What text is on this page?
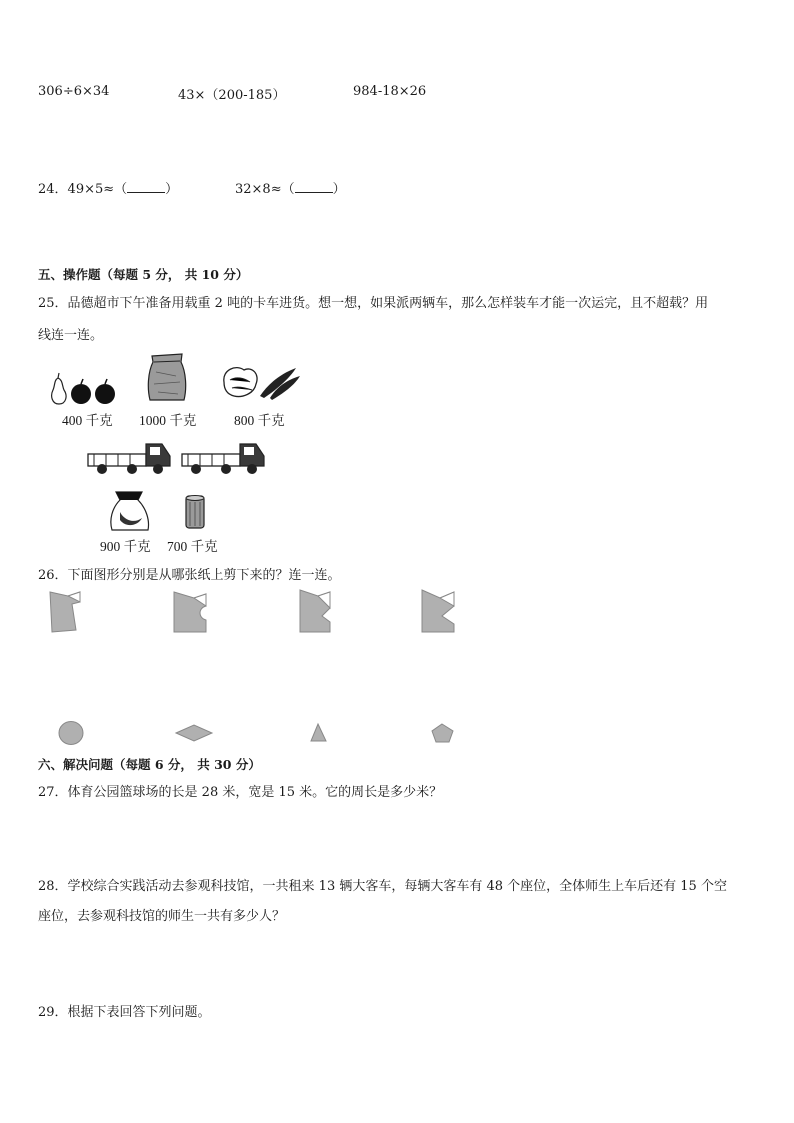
306÷6×34	43×（200-185）	984-18×26
24．49×5≈（	）	32×8≈（	）
五、操作题（每题 5 分， 共 10 分）
25．品德超市下午准备用载重 2 吨的卡车进货。想一想，如果派两辆车，那么怎样装车才能一次运完，且不超载？用
线连一连。
400 千克 1000 千克	800 千克
900 千克 700 千克
26．下面图形分别是从哪张纸上剪下来的？连一连。
六、解决问题（每题 6 分， 共 30 分）
27．体育公园篮球场的长是 28 米，宽是 15 米。它的周长是多少米？
28．学校综合实践活动去参观科技馆，一共租来 13 辆大客车，每辆大客车有 48 个座位，全体师生上车后还有 15 个空
座位，去参观科技馆的师生一共有多少人？
29．根据下表回答下列问题。
